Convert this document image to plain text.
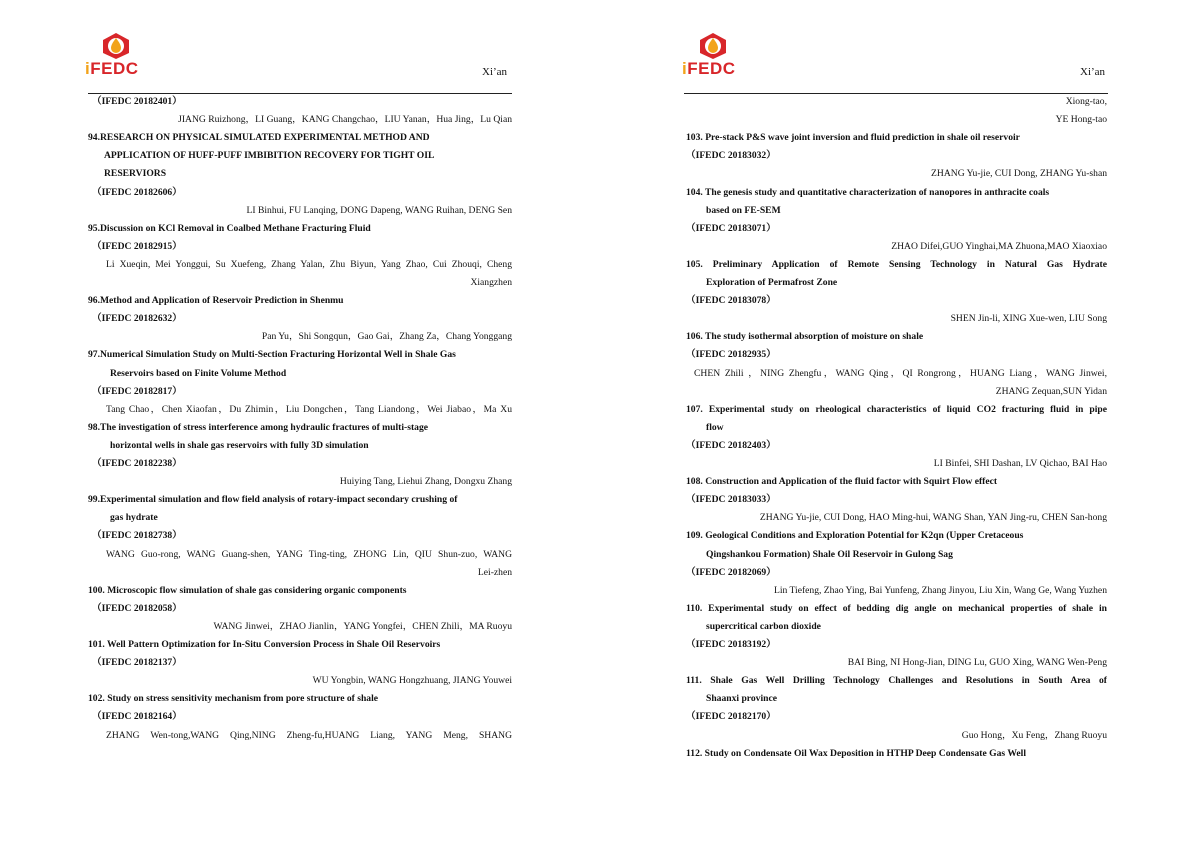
iFEDC	Xi’an
（IFEDC 20182401）
JIANG Ruizhong，LI Guang，KANG Changchao，LIU Yanan，Hua Jing，Lu Qian
94.RESEARCH ON PHYSICAL SIMULATED EXPERIMENTAL METHOD AND
APPLICATION OF HUFF-PUFF IMBIBITION RECOVERY FOR TIGHT OIL
RESERVIORS
（IFEDC 20182606）
LI Binhui, FU Lanqing, DONG Dapeng, WANG Ruihan, DENG Sen
95.Discussion on KCl Removal in Coalbed Methane Fracturing Fluid
（IFEDC 20182915）
Li Xueqin, Mei Yonggui, Su Xuefeng, Zhang Yalan, Zhu Biyun, Yang Zhao, Cui Zhouqi, Cheng
Xiangzhen
96.Method and Application of Reservoir Prediction in Shenmu
（IFEDC 20182632）
Pan Yu，Shi Songqun，Gao Gai，Zhang Za，Chang Yonggang
97.Numerical Simulation Study on Multi-Section Fracturing Horizontal Well in Shale Gas
Reservoirs based on Finite Volume Method
（IFEDC 20182817）
Tang Chao，Chen Xiaofan，Du Zhimin，Liu Dongchen，Tang Liandong，Wei Jiabao，Ma Xu
98.The investigation of stress interference among hydraulic fractures of multi-stage
horizontal wells in shale gas reservoirs with fully 3D simulation
（IFEDC 20182238）
Huiying Tang, Liehui Zhang, Dongxu Zhang
99.Experimental simulation and flow field analysis of rotary-impact secondary crushing of
gas hydrate
（IFEDC 20182738）
WANG Guo-rong, WANG Guang-shen, YANG Ting-ting, ZHONG Lin, QIU Shun-zuo, WANG
Lei-zhen
100. Microscopic flow simulation of shale gas considering organic components
（IFEDC 20182058）
WANG Jinwei，ZHAO Jianlin，YANG Yongfei，CHEN Zhili，MA Ruoyu
101. Well Pattern Optimization for In-Situ Conversion Process in Shale Oil Reservoirs
（IFEDC 20182137）
WU Yongbin, WANG Hongzhuang, JIANG Youwei
102. Study on stress sensitivity mechanism from pore structure of shale
（IFEDC 20182164）
ZHANG Wen-tong,WANG Qing,NING Zheng-fu,HUANG Liang, YANG Meng, SHANG
iFEDC	Xi’an
Xiong-tao,
YE Hong-tao
103. Pre-stack P&S wave joint inversion and fluid prediction in shale oil reservoir
（IFEDC 20183032）
ZHANG Yu-jie, CUI Dong, ZHANG Yu-shan
104. The genesis study and quantitative characterization of nanopores in anthracite coals
based on FE-SEM
（IFEDC 20183071）
ZHAO Difei,GUO Yinghai,MA Zhuona,MAO Xiaoxiao
105. Preliminary Application of Remote Sensing Technology in Natural Gas Hydrate
Exploration of Permafrost Zone
（IFEDC 20183078）
SHEN Jin-li, XING Xue-wen, LIU Song
106. The study isothermal absorption of moisture on shale
（IFEDC 20182935）
CHEN Zhili ，NING Zhengfu，WANG Qing，QI Rongrong，HUANG Liang，WANG Jinwei,
ZHANG Zequan,SUN Yidan
107. Experimental study on rheological characteristics of liquid CO2 fracturing fluid in pipe
flow
（IFEDC 20182403）
LI Binfei, SHI Dashan, LV Qichao, BAI Hao
108. Construction and Application of the fluid factor with Squirt Flow effect
（IFEDC 20183033）
ZHANG Yu-jie, CUI Dong, HAO Ming-hui, WANG Shan, YAN Jing-ru, CHEN San-hong
109. Geological Conditions and Exploration Potential for K2qn (Upper Cretaceous
Qingshankou Formation) Shale Oil Reservoir in Gulong Sag
（IFEDC 20182069）
Lin Tiefeng, Zhao Ying, Bai Yunfeng, Zhang Jinyou, Liu Xin, Wang Ge, Wang Yuzhen
110. Experimental study on effect of bedding dig angle on mechanical properties of shale in
supercritical carbon dioxide
（IFEDC 20183192）
BAI Bing, NI Hong-Jian, DING Lu, GUO Xing, WANG Wen-Peng
111. Shale Gas Well Drilling Technology Challenges and Resolutions in South Area of
Shaanxi province
（IFEDC 20182170）
Guo Hong，Xu Feng，Zhang Ruoyu
112. Study on Condensate Oil Wax Deposition in HTHP Deep Condensate Gas Well
